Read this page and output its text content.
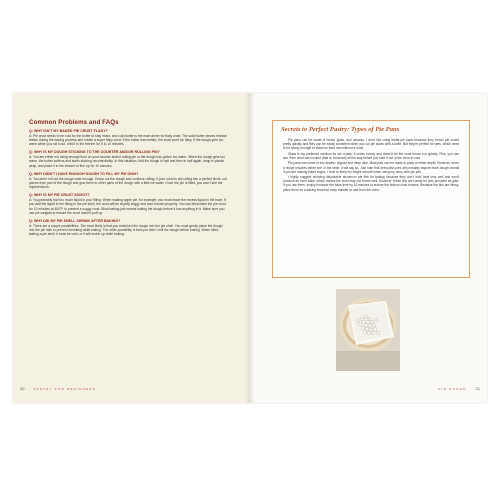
Common Problems and FAQs
Q: WHY ISN'T MY BAKED PIE CRUST FLAKY?
A: Pie crust needs to be cool for the butter to stay intact, and cold butter is the main driver for flaky crust. The solid butter pieces release steam during the baking process and create a super flaky crust. If the butter has melted, the crust won't be flaky. If the dough gets too warm while you roll it out, chill it in the freezer for 5 to 10 minutes.
Q: WHY IS MY DOUGH STICKING TO THE COUNTER AND/OR ROLLING PIN?
A: You are either not using enough flour on your counter and/or rolling pin or the dough has gotten too warm. When the dough gets too warm, the butter softens and starts sticking uncontrollably. In this situation, fold the dough in half and then in half again, wrap in plastic wrap, and place it in the freezer to firm up for 10 minutes.
Q: WHY DIDN'T I HAVE ENOUGH DOUGH TO FILL MY PIE DISH?
A: You didn't roll out the dough wide enough. Dump out the dough and continue rolling. If your crust is not rolling into a perfect circle, cut pieces from part of the dough and glue them to other parts of the dough with a little ice water. Once the pie is filled, you won't see the imperfections.
Q: WHY IS MY PIE CRUST SOGGY?
A: You probably had too much liquid in your filling. When making apple pie, for example, you must leave the excess liquid in the bowl. If you add the liquid to the filling in the pie shell, the crust will be slightly soggy and won't brown properly. You can blind-bake the pie crust for 10 minutes at 400°F to prevent a soggy crust. Blind-baking just means baking the dough before it has anything in it. Make sure you use pie weights to ensure the crust doesn't puff up.
Q: WHY DID MY PIE SHELL SHRINK AFTER BAKING?
A: There are a couple possibilities. The most likely is that you stretched the dough into the pie shell. You must gently place the dough into the pie dish to prevent shrinking while baking. The other possibility is that you didn't chill the dough before baking. When blind-baking a pie shell, it must be cold, or it will shrink up while baking.
20	PASTRY FOR BEGINNERS
Secrets to Perfect Pastry: Types of Pie Pans

Pie pans can be made of metal, glass, and ceramic. I don't like using metal pie pans because they brown pie crusts pretty quickly and they can be easily scratched when you cut pie slices with a knife. But they're perfect for tarts, which need to be sturdy enough to stand on their own without a mold.

Glass is my preferred medium for pie crusts. It cooks evenly and doesn't let the crust brown too quickly. Plus, you can see if the crust has cooked (that is, browned) all the way before you take it out of the oven to cool.

Pie pans can come in two depths: regular and deep dish. Most pies can be made in pans of either depth. However, when a recipe requires either one or the other, it will say so. Just note that deep-dish pies will probably require more dough overall if you are making fluted edges. I tend to keep my edges smooth when using my deep-dish pie pan.

I highly suggest avoiding disposable aluminum pie tins for baking because they don't hold heat very well and won't produce an even bake, which means the crust may not brown well. However, these tins are handy for pies provided as gifts. If you use them, simply increase the bake time by 10 minutes to ensure the bottom crust browns. Because the tins are flimsy, place them on a baking sheet for easy transfer to and from the oven.

PIE DOUGH 21
